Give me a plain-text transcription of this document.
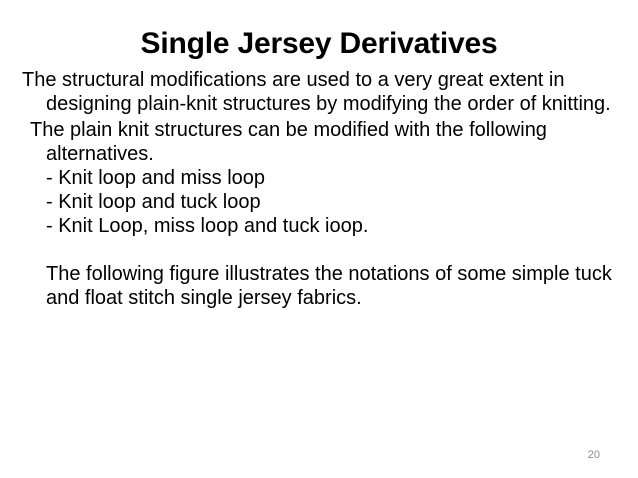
Single Jersey Derivatives

The structural modifications are used to a very great extent in designing plain-knit structures by modifying the order of knitting.

The plain knit structures can be modified with the following alternatives.

- Knit loop and miss loop
- Knit loop and tuck loop
- Knit Loop, miss loop and tuck ioop.

The following figure illustrates the notations of some simple tuck and float stitch single jersey fabrics.

20
